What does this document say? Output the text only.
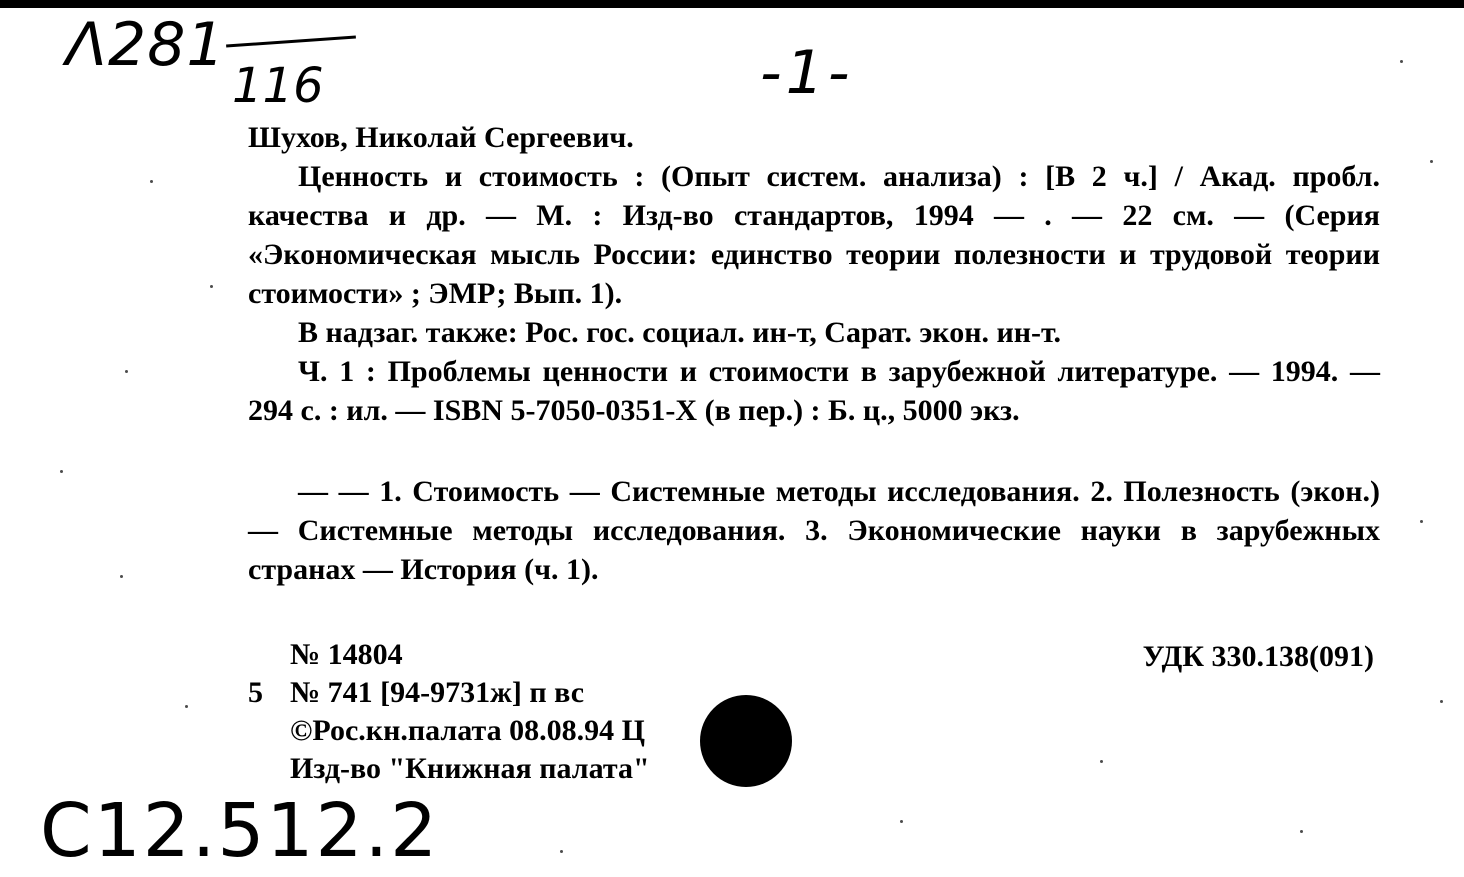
Λ281
116	-1-

Шухов, Николай Сергеевич.

Ценность и стоимость : (Опыт систем. анализа) : [В 2 ч.] / Акад. пробл. качества и др. — М. : Изд-во стандартов, 1994 — . — 22 см. — (Серия «Экономическая мысль России: единство теории полезности и трудовой теории стоимости» ; ЭМР; Вып. 1).

В надзаг. также: Рос. гос. социал. ин-т, Сарат. экон. ин-т.

Ч. 1 : Проблемы ценности и стоимости в зарубежной литературе. — 1994. — 294 с. : ил. — ISBN 5-7050-0351-X (в пер.) : Б. ц., 5000 экз.

— — 1. Стоимость — Системные методы исследования. 2. Полезность (экон.) — Системные методы исследования. 3. Экономические науки в зарубежных странах — История (ч. 1).

№ 14804
5 № 741 [94-9731ж] п вс
©Рос.кн.палата 08.08.94 Ц
Изд-во "Книжная палата"
УДК 330.138(091)
C12.512.2
